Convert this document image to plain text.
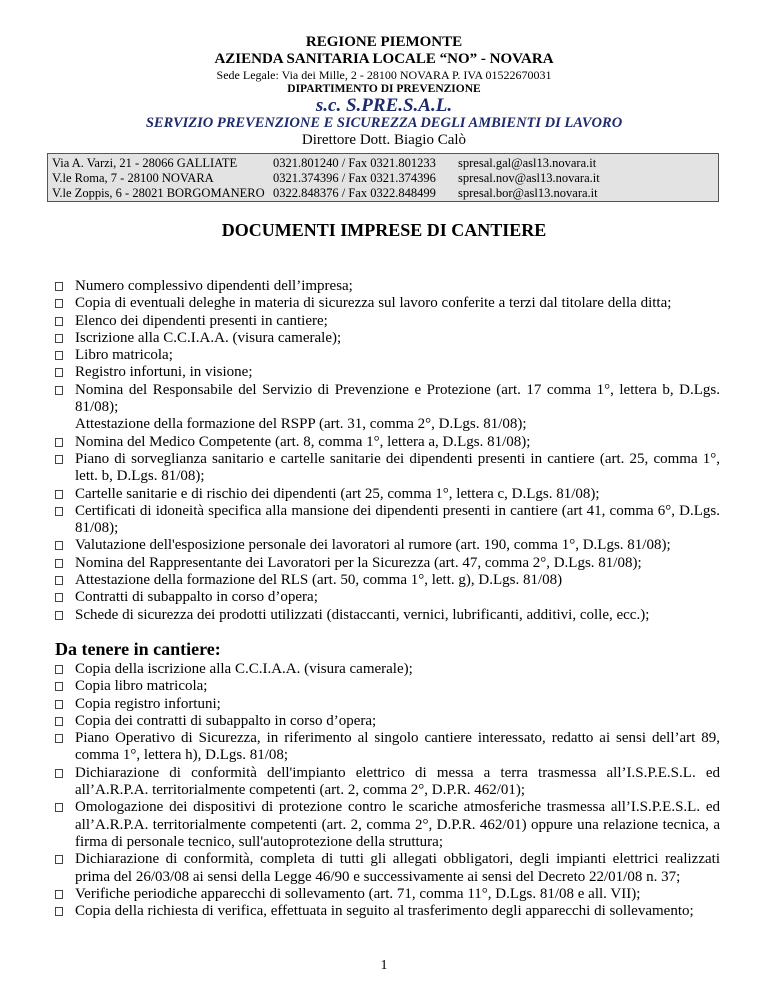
REGIONE PIEMONTE
AZIENDA SANITARIA LOCALE “NO” - NOVARA
Sede Legale: Via dei Mille, 2 - 28100 NOVARA P. IVA 01522670031
DIPARTIMENTO DI PREVENZIONE
s.c. S.PRE.S.A.L.
SERVIZIO PREVENZIONE E SICUREZZA DEGLI AMBIENTI DI LAVORO
Direttore Dott. Biagio Calò
Via A. Varzi, 21 - 28066 GALLIATE	0321.801240 / Fax 0321.801233 spresal.gal@asl13.novara.it
V.le Roma, 7 - 28100 NOVARA	0321.374396 / Fax 0321.374396 spresal.nov@asl13.novara.it
V.le Zoppis, 6 - 28021 BORGOMANERO 0322.848376 / Fax 0322.848499 spresal.bor@asl13.novara.it
DOCUMENTI IMPRESE DI CANTIERE
Numero complessivo dipendenti dell’impresa;
Copia di eventuali deleghe in materia di sicurezza sul lavoro conferite a terzi dal titolare della ditta;
Elenco dei dipendenti presenti in cantiere;
Iscrizione alla C.C.I.A.A. (visura camerale);
Libro matricola;
Registro infortuni, in visione;
Nomina del Responsabile del Servizio di Prevenzione e Protezione (art. 17 comma 1°, lettera b, D.Lgs. 81/08);
Attestazione della formazione del RSPP (art. 31, comma 2°, D.Lgs. 81/08);
Nomina del Medico Competente (art. 8, comma 1°, lettera a, D.Lgs. 81/08);
Piano di sorveglianza sanitario e cartelle sanitarie dei dipendenti presenti in cantiere (art. 25, comma 1°, lett. b, D.Lgs. 81/08);
Cartelle sanitarie e di rischio dei dipendenti (art 25, comma 1°, lettera c, D.Lgs. 81/08);
Certificati di idoneità specifica alla mansione dei dipendenti presenti in cantiere (art 41, comma 6°, D.Lgs. 81/08);
Valutazione dell'esposizione personale dei lavoratori al rumore (art. 190, comma 1°, D.Lgs. 81/08);
Nomina del Rappresentante dei Lavoratori per la Sicurezza (art. 47, comma 2°, D.Lgs. 81/08);
Attestazione della formazione del RLS (art. 50, comma 1°, lett. g), D.Lgs. 81/08)
Contratti di subappalto in corso d’opera;
Schede di sicurezza dei prodotti utilizzati (distaccanti, vernici, lubrificanti, additivi, colle, ecc.);
Da tenere in cantiere:
Copia della iscrizione alla C.C.I.A.A. (visura camerale);
Copia libro matricola;
Copia registro infortuni;
Copia dei contratti di subappalto in corso d’opera;
Piano Operativo di Sicurezza, in riferimento al singolo cantiere interessato, redatto ai sensi dell’art 89, comma 1°, lettera h), D.Lgs. 81/08;
Dichiarazione di conformità dell'impianto elettrico di messa a terra trasmessa all’I.S.P.E.S.L. ed all’A.R.P.A. territorialmente competenti (art. 2, comma 2°, D.P.R. 462/01);
Omologazione dei dispositivi di protezione contro le scariche atmosferiche trasmessa all’I.S.P.E.S.L. ed all’A.R.P.A. territorialmente competenti (art. 2, comma 2°, D.P.R. 462/01) oppure una relazione tecnica, a firma di personale tecnico, sull'autoprotezione della struttura;
Dichiarazione di conformità, completa di tutti gli allegati obbligatori, degli impianti elettrici realizzati prima del 26/03/08 ai sensi della Legge 46/90 e successivamente ai sensi del Decreto 22/01/08 n. 37;
Verifiche periodiche apparecchi di sollevamento (art. 71, comma 11°, D.Lgs. 81/08 e all. VII);
Copia della richiesta di verifica, effettuata in seguito al trasferimento degli apparecchi di sollevamento;
1
